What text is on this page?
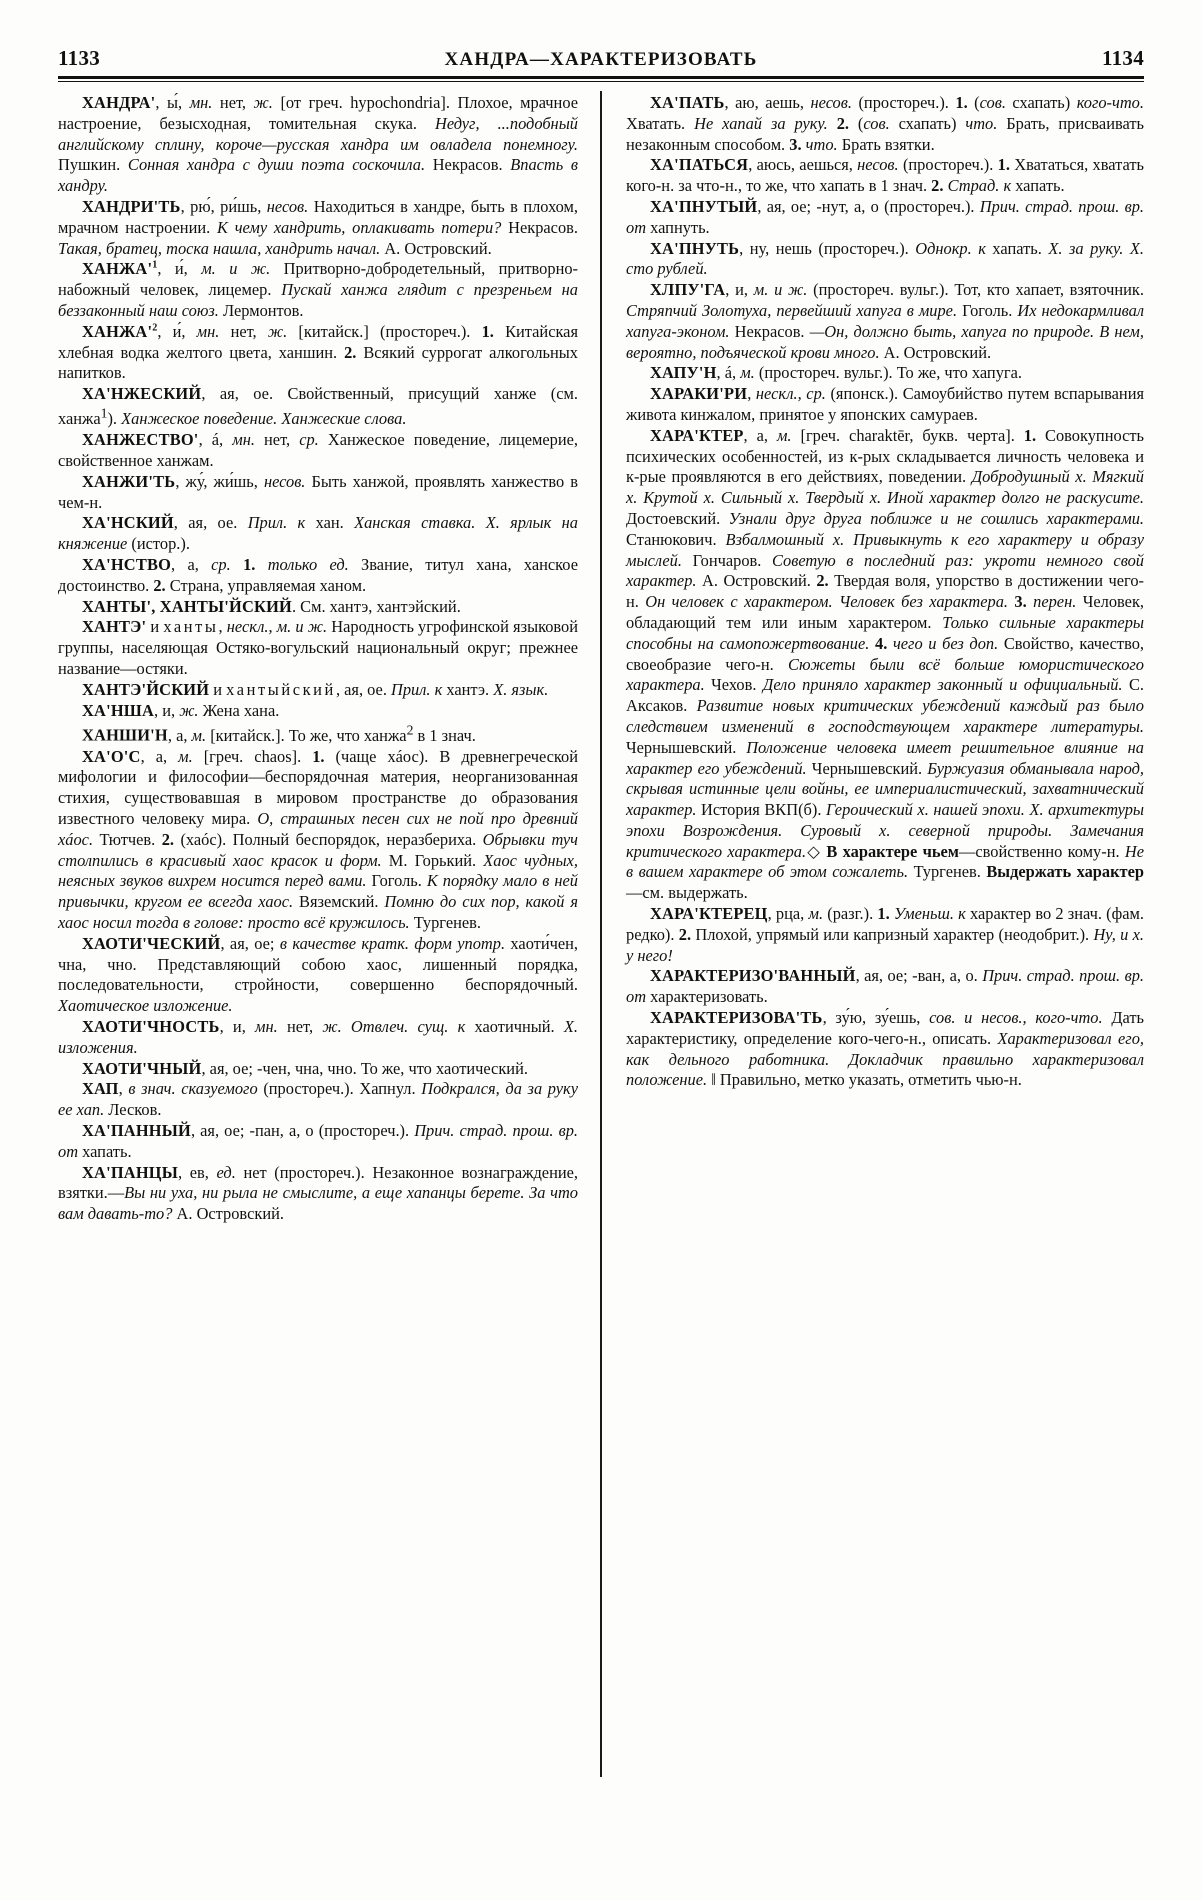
1133	ХАНДРА—ХАРАКТЕРИЗОВАТЬ	1134

ХАНДРА', ы́, мн. нет, ж. [от греч. hypochondria]. Плохое, мрачное настроение, безысходная, томительная скука. Недуг, ...подобный английскому сплину, короче—русская хандра им овладела понемногу. Пушкин. Сонная хандра с души поэта соскочила. Некрасов. Впасть в хандру.

ХАНДРИ'ТЬ, рю́, ри́шь, несов. Находиться в хандре, быть в плохом, мрачном настроении. К чему хандрить, оплакивать потери? Некрасов. Такая, братец, тоска нашла, хандрить начал. А. Островский.

$ХАНЖА'^1$, и́, м. и ж. Притворно-добродетельный, притворно-набожный человек, лицемер. Пускай ханжа глядит с презреньем на беззаконный наш союз. Лермонтов.

$ХАНЖА'^2$, и́, мн. нет, ж. [китайск.] (простореч.). 1. Китайская хлебная водка желтого цвета, ханшин. 2. Всякий суррогат алкогольных напитков.

ХА'НЖЕСКИЙ, ая, ое. Свойственный, присущий ханже (см. ханжа$^1$). Ханжеское поведение. Ханжеские слова.

ХАНЖЕСТВО', á, мн. нет, ср. Ханжеское поведение, лицемерие, свойственное ханжам.

ХАНЖИ'ТЬ, жу́, жи́шь, несов. Быть ханжой, проявлять ханжество в чем-н.

ХА'НСКИЙ, ая, ое. Прил. к хан. Ханская ставка. Х. ярлык на княжение (истор.).

ХА'НСТВО, а, ср. 1. только ед. Звание, титул хана, ханское достоинство. 2. Страна, управляемая ханом.

ХАНТЫ', ХАНТЫ'ЙСКИЙ. См. хантэ, хантэйский.

ХАНТЭ' и ханты, нескл., м. и ж. Народность угрофинской языковой группы, населяющая Остяко-вогульский национальный округ; прежнее название—остяки.

ХАНТЭ'ЙСКИЙ и хантыйский, ая, ое. Прил. к хантэ. Х. язык.

ХА'НША, и, ж. Жена хана.

ХАНШИ'Н, а, м. [китайск.]. То же, что ханжа$^2$ в 1 знач.

ХА'О'С, а, м. [греч. chaos]. 1. (чаще хáос). В древнегреческой мифологии и философии—беспорядочная материя, неорганизованная стихия, существовавшая в мировом пространстве до образования известного человеку мира. О, страшных песен сих не пой про древний хáос. Тютчев. 2. (хаóс). Полный беспорядок, неразбериха. Обрывки туч столпились в красивый хаос красок и форм. М. Горький. Хаос чудных, неясных звуков вихрем носится перед вами. Гоголь. К порядку мало в ней привычки, кругом ее всегда хаос. Вяземский. Помню до сих пор, какой я хаос носил тогда в голове: просто всё кружилось. Тургенев.

ХАОТИ'ЧЕСКИЙ, ая, ое; в качестве кратк. форм употр. хаоти́чен, чна, чно. Представляющий собою хаос, лишенный порядка, последовательности, стройности, совершенно беспорядочный. Хаотическое изложение.

ХАОТИ'ЧНОСТЬ, и, мн. нет, ж. Отвлеч. сущ. к хаотичный. Х. изложения.

ХАОТИ'ЧНЫЙ, ая, ое; -чен, чна, чно. То же, что хаотический.

ХАП, в знач. сказуемого (простореч.). Хапнул. Подкрался, да за руку ее хап. Лесков.

ХА'ПАННЫЙ, ая, ое; -пан, а, о (простореч.). Прич. страд. прош. вр. от хапать.

ХА'ПАНЦЫ, ев, ед. нет (простореч.). Незаконное вознаграждение, взятки.—Вы ни уха, ни рыла не смыслите, а еще хапанцы берете. За что вам давать-то? А. Островский.

ХА'ПАТЬ, аю, аешь, несов. (простореч.). 1. (сов. схапать) кого-что. Хватать. Не хапай за руку. 2. (сов. схапать) что. Брать, присваивать незаконным способом. 3. что. Брать взятки.

ХА'ПАТЬСЯ, аюсь, аешься, несов. (простореч.). 1. Хвататься, хватать кого-н. за что-н., то же, что хапать в 1 знач. 2. Страд. к хапать.

ХА'ПНУТЫЙ, ая, ое; -нут, а, о (простореч.). Прич. страд. прош. вр. от хапнуть.

ХА'ПНУТЬ, ну, нешь (простореч.). Однокр. к хапать. Х. за руку. Х. сто рублей.

ХЛПУ'ГА, и, м. и ж. (простореч. вульг.). Тот, кто хапает, взяточник. Стряпчий Золотуха, первейший хапуга в мире. Гоголь. Их недокармливал хапуга-эконом. Некрасов. —Он, должно быть, хапуга по природе. В нем, вероятно, подъяческой крови много. А. Островский.

ХАПУ'Н, á, м. (простореч. вульг.). То же, что хапуга.

ХАРАКИ'РИ, нескл., ср. (японск.). Самоубийство путем вспарывания живота кинжалом, принятое у японских самураев.

ХАРА'КТЕР, а, м. [греч. charaktēr, букв. черта]. 1. Совокупность психических особенностей, из к-рых складывается личность человека и к-рые проявляются в его действиях, поведении. Добродушный х. Мягкий х. Крутой х. Сильный х. Твердый х. Иной характер долго не раскусите. Достоевский. Узнали друг друга поближе и не сошлись характерами. Станюкович. Взбалмошный х. Привыкнуть к его характеру и образу мыслей. Гончаров. Советую в последний раз: укроти немного свой характер. А. Островский. 2. Твердая воля, упорство в достижении чего-н. Он человек с характером. Человек без характера. 3. перен. Человек, обладающий тем или иным характером. Только сильные характеры способны на самопожертвование. 4. чего и без доп. Свойство, качество, своеобразие чего-н. Сюжеты были всё больше юмористического характера. Чехов. Дело приняло характер законный и официальный. С. Аксаков. Развитие новых критических убеждений каждый раз было следствием изменений в господствующем характере литературы. Чернышевский. Положение человека имеет решительное влияние на характер его убеждений. Чернышевский. Буржуазия обманывала народ, скрывая истинные цели войны, ее империалистический, захватнический характер. История ВКП(б). Героический х. нашей эпохи. Х. архитектуры эпохи Возрождения. Суровый х. северной природы. Замечания критического характера.◇ В характере чьем—свойственно кому-н. Не в вашем характере об этом сожалеть. Тургенев. Выдержать характер—см. выдержать.

ХАРА'КТЕРЕЦ, рца, м. (разг.). 1. Уменьш. к характер во 2 знач. (фам. редко). 2. Плохой, упрямый или капризный характер (неодобрит.). Ну, и х. у него!

ХАРАКТЕРИЗО'ВАННЫЙ, ая, ое; -ван, а, о. Прич. страд. прош. вр. от характеризовать.

ХАРАКТЕРИЗОВА'ТЬ, зу́ю, зу́ешь, сов. и несов., кого-что. Дать характеристику, определение кого-чего-н., описать. Характеризовал его, как дельного работника. Докладчик правильно характеризовал положение. ‖ Правильно, метко указать, отметить чью-н.
